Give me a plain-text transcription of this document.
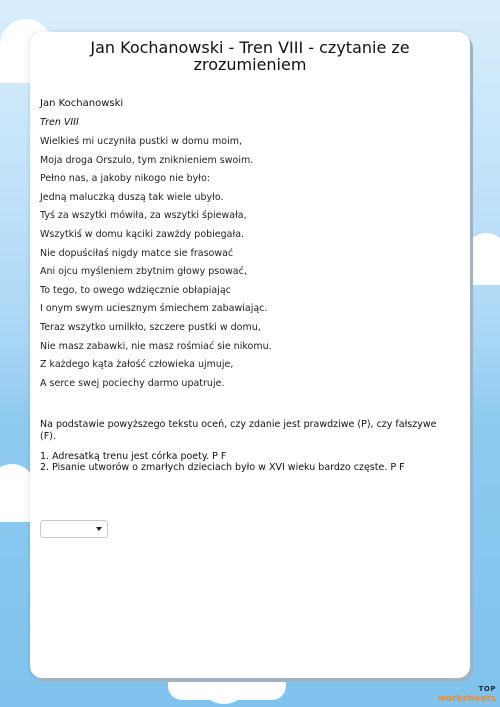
Jan Kochanowski - Tren VIII - czytanie ze zrozumieniem
Jan Kochanowski
Tren VIII
Wielkieś mi uczyniła pustki w domu moim,
Moja droga Orszulo, tym zniknieniem swoim.
Pełno nas, a jakoby nikogo nie było:
Jedną maluczką duszą tak wiele ubyło.
Tyś za wszytki mówiła, za wszytki śpiewała,
Wszytkiś w domu kąciki zawżdy pobiegała.
Nie dopuściłaś nigdy matce sie frasować
Ani ojcu myśleniem zbytnim głowy psować,
To tego, to owego wdzięcznie obłapiając
I onym swym uciesznym śmiechem zabawiając.
Teraz wszytko umilkło, szczere pustki w domu,
Nie masz zabawki, nie masz rośmiać sie nikomu.
Z każdego kąta żałość człowieka ujmuje,
A serce swej pociechy darmo upatruje.
Na podstawie powyższego tekstu oceń, czy zdanie jest prawdziwe (P), czy fałszywe (F).
1. Adresatką trenu jest córka poety. P F
2. Pisanie utworów o zmarłych dzieciach było w XVI wieku bardzo częste. P F
TOP
worksheets
